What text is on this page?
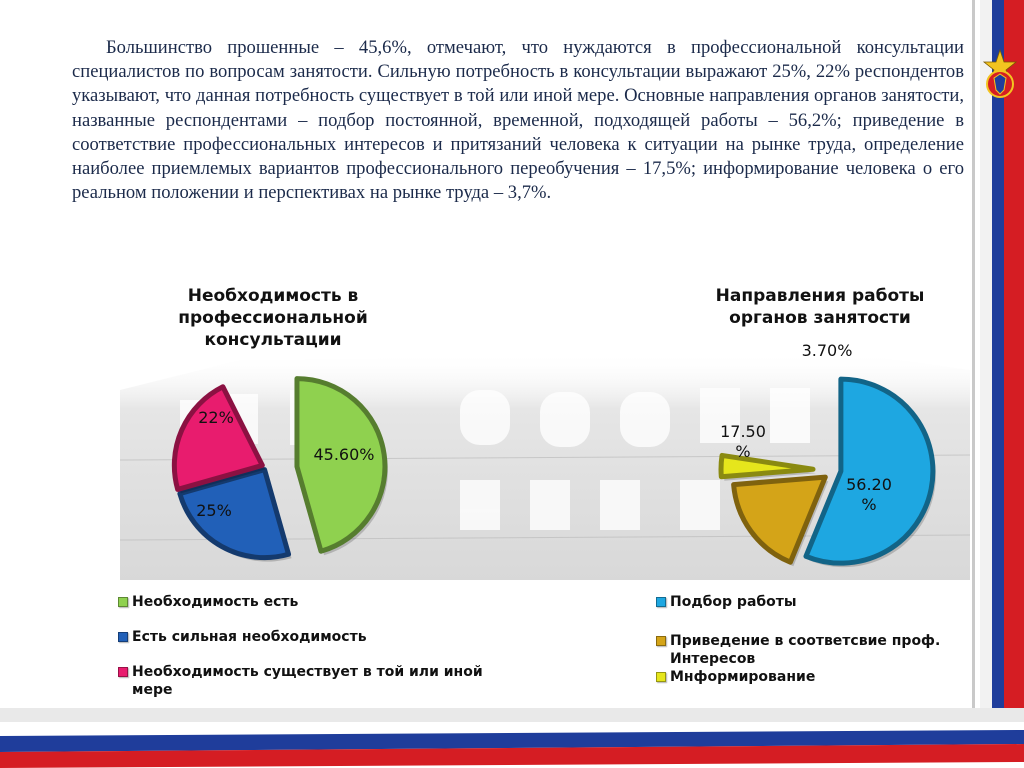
Большинство прошенные – 45,6%, отмечают, что нуждаются в профессиональной консультации специалистов по вопросам занятости. Сильную потребность в консультации выражают 25%, 22% респондентов указывают, что данная потребность существует в той или иной мере. Основные направления органов занятости, названные респондентами – подбор постоянной, временной, подходящей работы – 56,2%; приведение в соответствие профессиональных интересов и притязаний человека к ситуации на рынке труда, определение наиболее приемлемых вариантов профессионального переобучения – 17,5%; информирование человека о его реальном положении и перспективах на рынке труда – 3,7%.

Необходимость в профессиональной консультации
45.60%
25%
22%
Направления работы органов занятости
56.20 %
17.50 %
3.70%
Необходимость есть
Есть сильная необходимость
Необходимость существует в той или иной мере
Подбор работы
Приведение в соответсвие проф. Интересов
Мнформирование
